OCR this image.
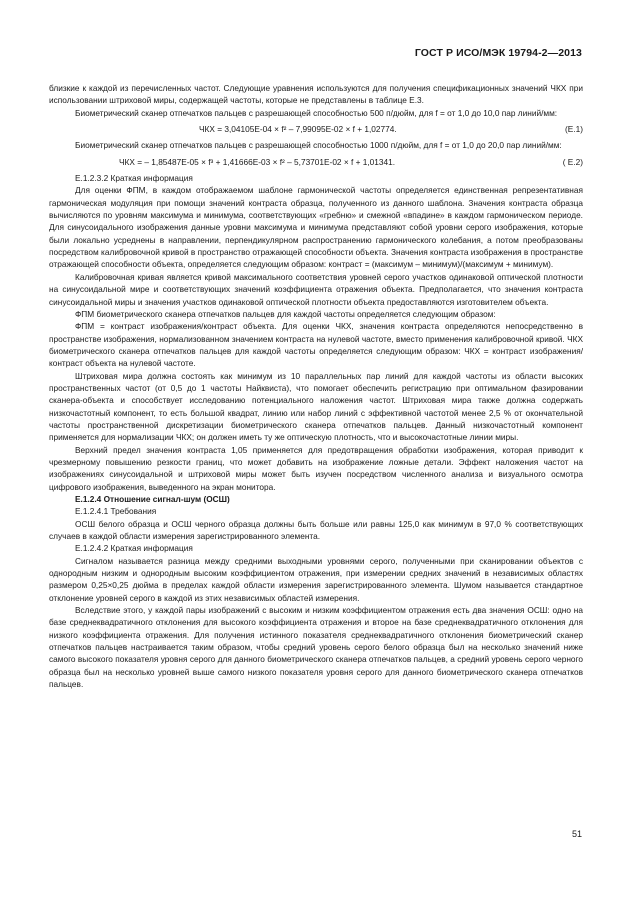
ГОСТ Р ИСО/МЭК 19794-2—2013

близкие к каждой из перечисленных частот. Следующие уравнения используются для получения спецификационных значений ЧКХ при использовании штриховой миры, содержащей частоты, которые не представлены в таблице Е.3.

Биометрический сканер отпечатков пальцев с разрешающей способностью 500 п/дюйм, для f = от 1,0 до 10,0 пар линий/мм:

ЧКХ = 3,04105Е-04 × f² – 7,99095Е-02 × f + 1,02774.	(Е.1)

Биометрический сканер отпечатков пальцев с разрешающей способностью 1000 п/дюйм, для f = от 1,0 до 20,0 пар линий/мм:

ЧКХ = – 1,85487Е-05 × f³ + 1,41666Е-03 × f² – 5,73701Е-02 × f + 1,01341.	( Е.2)

Е.1.2.3.2 Краткая информация

Для оценки ФПМ, в каждом отображаемом шаблоне гармонической частоты определяется единственная репрезентативная гармоническая модуляция при помощи значений контраста образца, полученного из данного шаблона. Значения контраста образца вычисляются по уровням максимума и минимума, соответствующих «гребню» и смежной «впадине» в каждом гармоническом периоде. Для синусоидального изображения данные уровни максимума и минимума представляют собой уровни серого изображения, которые были локально усреднены в направлении, перпендикулярном распространению гармонического колебания, а потом преобразованы посредством калибровочной кривой в пространство отражающей способности объекта. Значения контраста изображения в пространстве отражающей способности объекта, определяется следующим образом: контраст = (максимум – минимум)/(максимум + минимум).

Калибровочная кривая является кривой максимального соответствия уровней серого участков одинаковой оптической плотности на синусоидальной мире и соответствующих значений коэффициента отражения объекта. Предполагается, что значения контраста синусоидальной миры и значения участков одинаковой оптической плотности объекта предоставляются изготовителем объекта.

ФПМ биометрического сканера отпечатков пальцев для каждой частоты определяется следующим образом:

ФПМ = контраст изображения/контраст объекта. Для оценки ЧКХ, значения контраста определяются непосредственно в пространстве изображения, нормализованном значением контраста на нулевой частоте, вместо применения калибровочной кривой. ЧКХ биометрического сканера отпечатков пальцев для каждой частоты определяется следующим образом: ЧКХ = контраст изображения/контраст объекта на нулевой частоте.

Штриховая мира должна состоять как минимум из 10 параллельных пар линий для каждой частоты из области высоких пространственных частот (от 0,5 до 1 частоты Найквиста), что помогает обеспечить регистрацию при оптимальном фазировании сканера-объекта и способствует исследованию потенциального наложения частот. Штриховая мира также должна содержать низкочастотный компонент, то есть большой квадрат, линию или набор линий с эффективной частотой менее 2,5 % от окончательной частоты пространственной дискретизации биометрического сканера отпечатков пальцев. Данный низкочастотный компонент применяется для нормализации ЧКХ; он должен иметь ту же оптическую плотность, что и высокочастотные линии миры.

Верхний предел значения контраста 1,05 применяется для предотвращения обработки изображения, которая приводит к чрезмерному повышению резкости границ, что может добавить на изображение ложные детали. Эффект наложения частот на изображениях синусоидальной и штриховой миры может быть изучен посредством численного анализа и визуального осмотра цифрового изображения, выведенного на экран монитора.

Е.1.2.4 Отношение сигнал-шум (ОСШ)

Е.1.2.4.1 Требования

ОСШ белого образца и ОСШ черного образца должны быть больше или равны 125,0 как минимум в 97,0 % соответствующих случаев в каждой области измерения зарегистрированного элемента.

Е.1.2.4.2 Краткая информация

Сигналом называется разница между средними выходными уровнями серого, полученными при сканировании объектов с однородным низким и однородным высоким коэффициентом отражения, при измерении средних значений в независимых областях размером 0,25×0,25 дюйма в пределах каждой области измерения зарегистрированного элемента. Шумом называется стандартное отклонение уровней серого в каждой из этих независимых областей измерения.

Вследствие этого, у каждой пары изображений с высоким и низким коэффициентом отражения есть два значения ОСШ: одно на базе среднеквадратичного отклонения для высокого коэффициента отражения и второе на базе среднеквадратичного отклонения для низкого коэффициента отражения. Для получения истинного показателя среднеквадратичного отклонения биометрический сканер отпечатков пальцев настраивается таким образом, чтобы средний уровень серого белого образца был на несколько значений ниже самого высокого показателя уровня серого для данного биометрического сканера отпечатков пальцев, а средний уровень серого черного образца был на несколько уровней выше самого низкого показателя уровня серого для данного биометрического сканера отпечатков пальцев.

51
